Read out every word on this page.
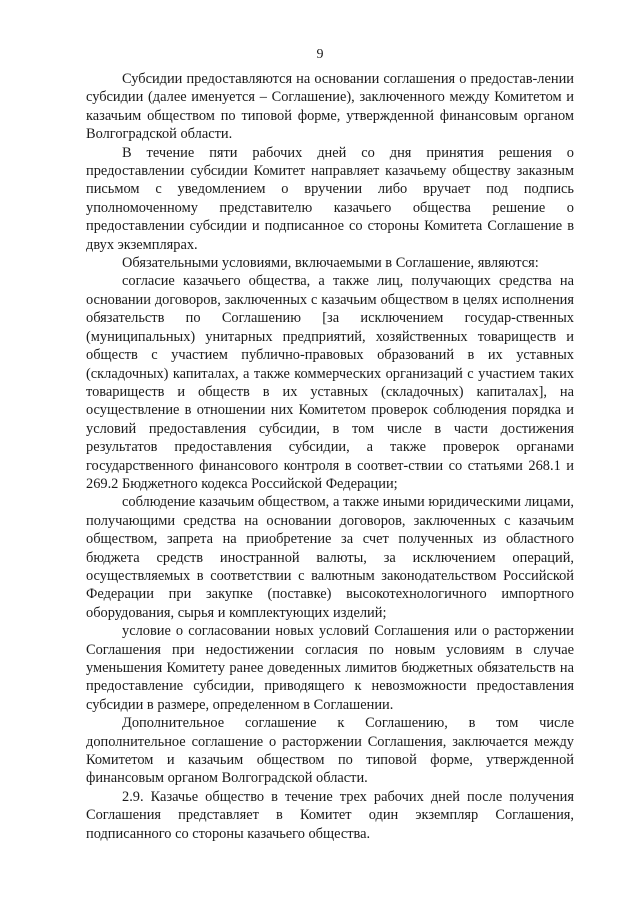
9

Субсидии предоставляются на основании соглашения о предостав-лении субсидии (далее именуется – Соглашение), заключенного между Комитетом и казачьим обществом по типовой форме, утвержденной финансовым органом Волгоградской области.

В течение пяти рабочих дней со дня принятия решения о предоставлении субсидии Комитет направляет казачьему обществу заказным письмом с уведомлением о вручении либо вручает под подпись уполномоченному представителю казачьего общества решение о предоставлении субсидии и подписанное со стороны Комитета Соглашение в двух экземплярах.

Обязательными условиями, включаемыми в Соглашение, являются:

согласие казачьего общества, а также лиц, получающих средства на основании договоров, заключенных с казачьим обществом в целях исполнения обязательств по Соглашению [за исключением государ-ственных (муниципальных) унитарных предприятий, хозяйственных товариществ и обществ с участием публично-правовых образований в их уставных (складочных) капиталах, а также коммерческих организаций с участием таких товариществ и обществ в их уставных (складочных) капиталах], на осуществление в отношении них Комитетом проверок соблюдения порядка и условий предоставления субсидии, в том числе в части достижения результатов предоставления субсидии, а также проверок органами государственного финансового контроля в соответ-ствии со статьями 268.1 и 269.2 Бюджетного кодекса Российской Федерации;

соблюдение казачьим обществом, а также иными юридическими лицами, получающими средства на основании договоров, заключенных с казачьим обществом, запрета на приобретение за счет полученных из областного бюджета средств иностранной валюты, за исключением операций, осуществляемых в соответствии с валютным законодательством Российской Федерации при закупке (поставке) высокотехнологичного импортного оборудования, сырья и комплектующих изделий;

условие о согласовании новых условий Соглашения или о расторжении Соглашения при недостижении согласия по новым условиям в случае уменьшения Комитету ранее доведенных лимитов бюджетных обязательств на предоставление субсидии, приводящего к невозможности предоставления субсидии в размере, определенном в Соглашении.

Дополнительное соглашение к Соглашению, в том числе дополнительное соглашение о расторжении Соглашения, заключается между Комитетом и казачьим обществом по типовой форме, утвержденной финансовым органом Волгоградской области.

2.9. Казачье общество в течение трех рабочих дней после получения Соглашения представляет в Комитет один экземпляр Соглашения, подписанного со стороны казачьего общества.
